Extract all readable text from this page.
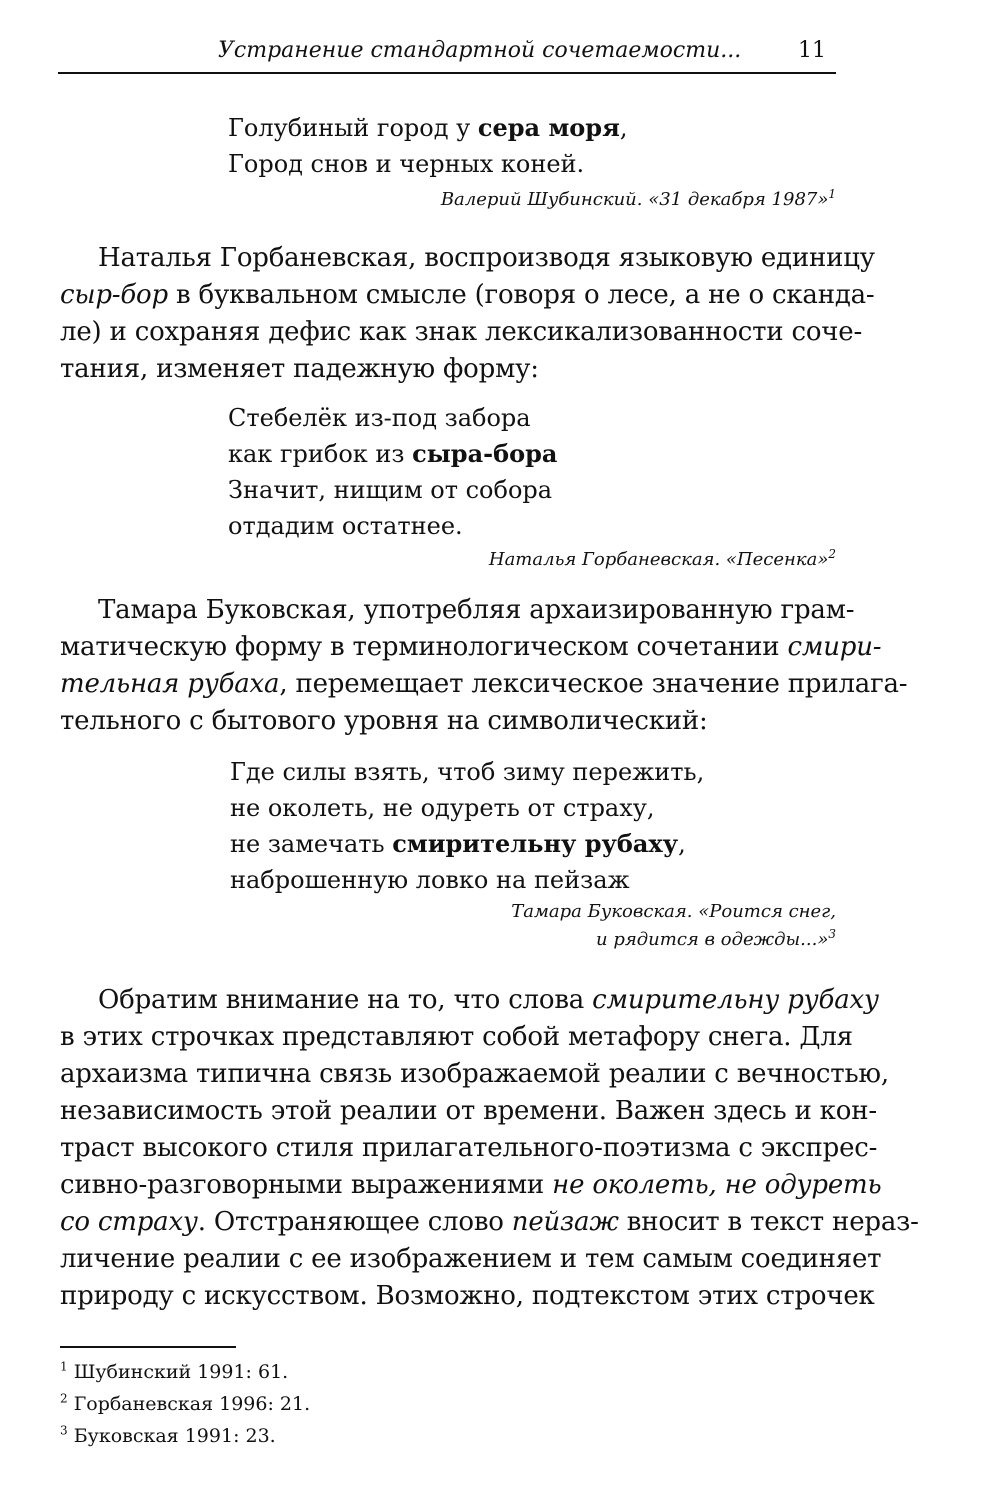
Устранение стандартной сочетаемости...	11
Голубиный город у сера моря,
Город снов и черных коней.
Валерий Шубинский. «31 декабря 1987»$^1$
Наталья Горбаневская, воспроизводя языковую единицу
сыр-бор в буквальном смысле (говоря о лесе, а не о сканда-
ле) и сохраняя дефис как знак лексикализованности соче-
тания, изменяет падежную форму:
Стебелёк из-под забора
как грибок из сыра-бора
Значит, нищим от собора
отдадим остатнее.
Наталья Горбаневская. «Песенка»$^2$
Тамара Буковская, употребляя архаизированную грам-
матическую форму в терминологическом сочетании смири-
тельная рубаха, перемещает лексическое значение прилага-
тельного с бытового уровня на символический:
Где силы взять, чтоб зиму пережить,
не околеть, не одуреть от страху,
не замечать смирительну рубаху,
наброшенную ловко на пейзаж
Тамара Буковская. «Роится снег,
и рядится в одежды...»$^3$
Обратим внимание на то, что слова смирительну рубаху
в этих строчках представляют собой метафору снега. Для
архаизма типична связь изображаемой реалии с вечностью,
независимость этой реалии от времени. Важен здесь и кон-
траст высокого стиля прилагательного-поэтизма с экспрес-
сивно-разговорными выражениями не околеть, не одуреть
со страху. Отстраняющее слово пейзаж вносит в текст нераз-
личение реалии с ее изображением и тем самым соединяет
природу с искусством. Возможно, подтекстом этих строчек
$^1$ Шубинский 1991: 61.
$^2$ Горбаневская 1996: 21.
$^3$ Буковская 1991: 23.
